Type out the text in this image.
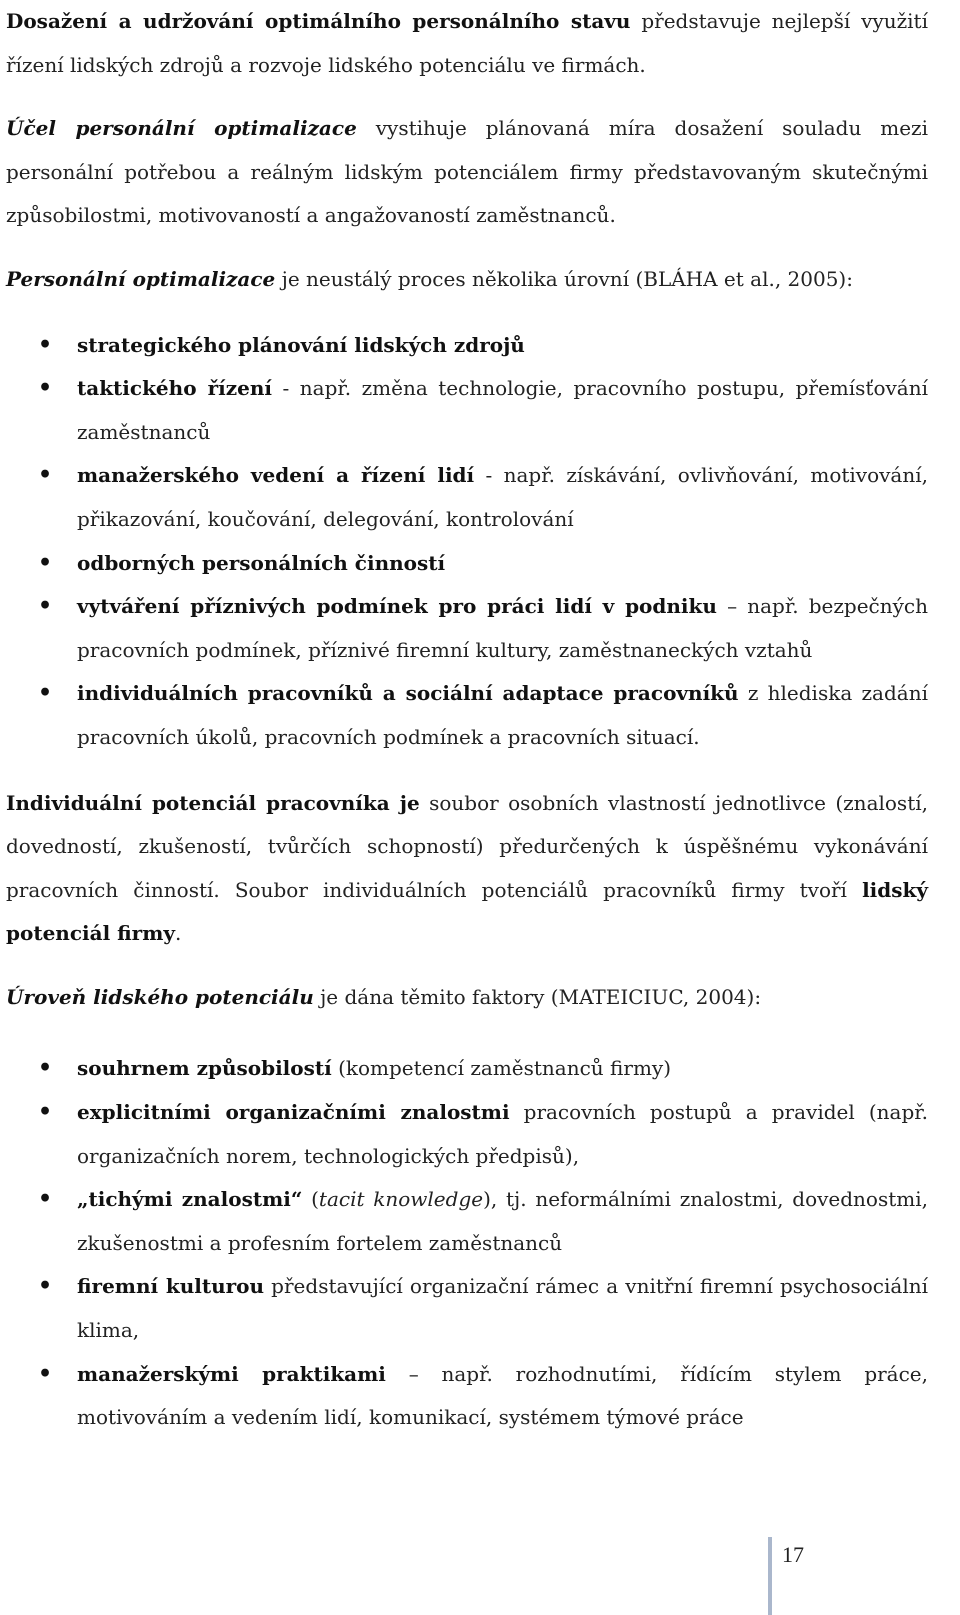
Dosažení a udržování optimálního personálního stavu představuje nejlepší využití řízení lidských zdrojů a rozvoje lidského potenciálu ve firmách.

Účel personální optimalizace vystihuje plánovaná míra dosažení souladu mezi personální potřebou a reálným lidským potenciálem firmy představovaným skutečnými způsobilostmi, motivovaností a angažovaností zaměstnanců.

Personální optimalizace je neustálý proces několika úrovní (BLÁHA et al., 2005):

• strategického plánování lidských zdrojů
• taktického řízení - např. změna technologie, pracovního postupu, přemísťování zaměstnanců
• manažerského vedení a řízení lidí - např. získávání, ovlivňování, motivování, přikazování, koučování, delegování, kontrolování
• odborných personálních činností
• vytváření příznivých podmínek pro práci lidí v podniku – např. bezpečných pracovních podmínek, příznivé firemní kultury, zaměstnaneckých vztahů
• individuálních pracovníků a sociální adaptace pracovníků z hlediska zadání pracovních úkolů, pracovních podmínek a pracovních situací.

Individuální potenciál pracovníka je soubor osobních vlastností jednotlivce (znalostí, dovedností, zkušeností, tvůrčích schopností) předurčených k úspěšnému vykonávání pracovních činností. Soubor individuálních potenciálů pracovníků firmy tvoří lidský potenciál firmy.

Úroveň lidského potenciálu je dána těmito faktory (MATEICIUC, 2004):

• souhrnem způsobilostí (kompetencí zaměstnanců firmy)
• explicitními organizačními znalostmi pracovních postupů a pravidel (např. organizačních norem, technologických předpisů),
• „tichými znalostmi“ (tacit knowledge), tj. neformálními znalostmi, dovednostmi, zkušenostmi a profesním fortelem zaměstnanců
• firemní kulturou představující organizační rámec a vnitřní firemní psychosociální klima,
• manažerskými praktikami – např. rozhodnutími, řídícím stylem práce, motivováním a vedením lidí, komunikací, systémem týmové práce
17
